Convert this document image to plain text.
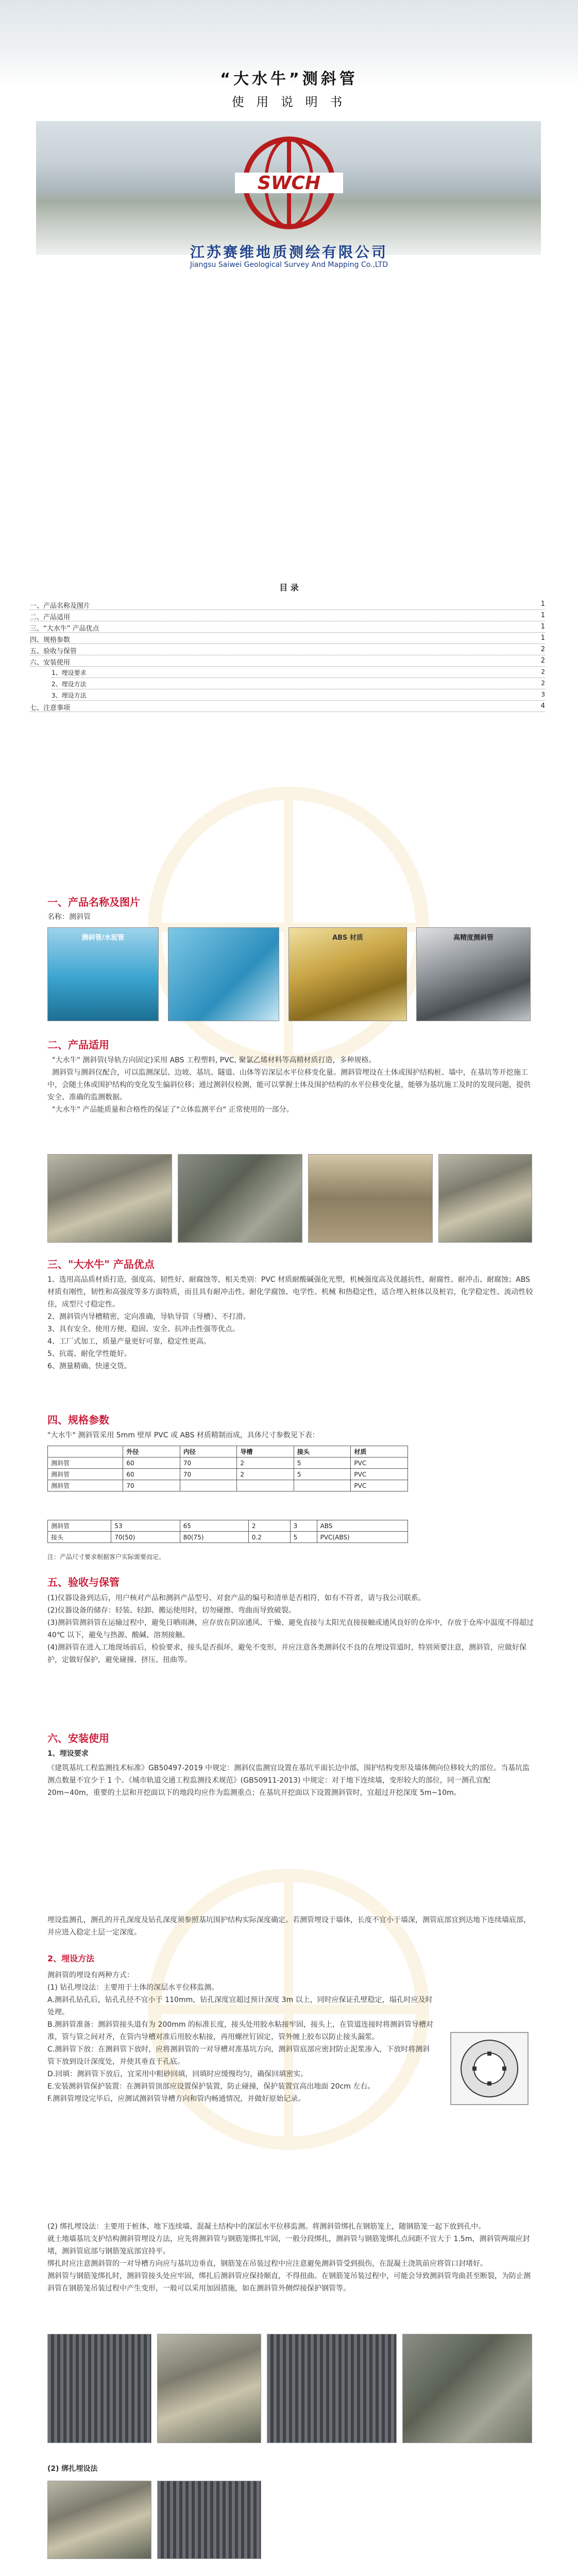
“大水牛”测斜管
使 用 说 明 书
SWCH
江苏赛维地质测绘有限公司
Jiangsu Saiwei Geological Survey And Mapping Co.,LTD
目 录
一、产品名称及图片	1
二、产品适用	1
三、“大水牛” 产品优点	1
四、规格参数	1
五、验收与保管	2
六、安装使用	2
1、埋设要求	2
2、埋设方法	2
3、埋设方法	3
七、注意事项	4
一、产品名称及图片
名称：测斜管
测斜管/水泥管	ABS 材质	高精度测斜管
二、产品适用
"大水牛" 测斜管(导轨方向固定)采用 ABS 工程塑料, PVC, 聚氯乙烯材料等高精材质打造，多种规格。
测斜管与测斜仪配合，可以监测深层、边坡、基坑、隧道、山体等岩深层水平位移变化量。测斜管埋设在土体或围护结构桩、墙中，在基坑等开挖施工中，会随土体或围护结构的变化发生偏斜位移；通过测斜仪检测，能可以掌握土体及围护结构的水平位移变化量，能够为基坑施工及时的发现问题，提供安全、准确的监测数据。
"大水牛" 产品能质量和合格性的保证了"立体监测平台" 正常使用的一部分。
三、"大水牛" 产品优点
1、选用高品质材质打造，强度高、韧性好、耐腐蚀等，相关类别：PVC 材质耐酸碱强化光塑，机械强度高及优越抗性，耐腐性、耐冲击、耐腐蚀；ABS 材质有刚性，韧性和高强度等多方面特质，而且具有耐冲击性、耐化学腐蚀、电学性、机械 和热稳定性，适合埋入桩体以及桩岩，化学稳定性、流动性较佳，成型尺寸稳定性。
2、测斜管内导槽精密，定向准确，导轨导管（导槽）、不打滑。
3、具有安全、使用方便、稳固、安全、抗冲击性强等优点。
4、工厂式加工，质量产量更好可靠，稳定性更高。
5、抗震、耐化学性能好。
6、测量精确、快速交货。
四、规格参数
"大水牛" 测斜管采用 5mm 壁厚 PVC 或 ABS 材质精制而成，具体尺寸参数见下表：
	外径	内径	导槽	接头	材质
测斜管	60	70	2	5	PVC
测斜管	60	70	2	5	PVC
测斜管	70				PVC
测斜管	53	65	2	3	ABS
接头	70(50)	80(75)	0.2	5	PVC(ABS)
注：产品尺寸要求根据客户实际需要而定。
五、验收与保管
(1)仪器设备到达后，用户核对产品和测斜产品型号、对套产品的编号和清单是否相符，如有不符者，请与我公司联系。
(2)仪器设备的储存：轻装、轻卸、搬运使用时，切勿碰擦、弯曲而导致破裂。
(3)测斜管测斜管在运输过程中，避免日晒雨淋，应存放在阴凉通风、干燥、避免直接与太阳光直接接触或通风良好的仓库中，存放于仓库中温度不得超过 40℃ 以下，避免与热源、酸碱、溶剂接触。
(4)测斜管在进入工地现场前后，检验要求，接头是否损坏，避免不变形，并应注意各类测斜仪不良的在埋设管道时，特别须要注意，测斜管，应做好保护，定做好保护，避免碰撞、挤压、扭曲等。
六、安装使用
1、埋设要求
《建筑基坑工程监测技术标准》GB50497-2019 中规定：测斜仪监测宜设置在基坑平面长边中部，围护结构变形及墙体侧向位移较大的部位。当基坑监测点数量不宜少于 1 个。《城市轨道交通工程监测技术规范》(GB50911-2013) 中规定：对于地下连续墙，变形较大的部位，同一测孔宜配 20m~40m，重要的土层和开挖面以下的地段均应作为监测重点；在基坑开挖面以下设置测斜管时，宜超过开挖深度 5m~10m。
埋设监测孔，测孔的开孔深度及钻孔深度须参照基坑围护结构实际深度确定。若测管埋设于墙体，长度不宜小于墙深，测管底部宜到达地下连续墙底部，并应进入稳定土层一定深度。
2、埋设方法
测斜管的埋设有两种方式：
(1) 钻孔埋设法：主要用于土体的深层水平位移监测。
A.测斜孔钻孔后，钻孔孔径不宜小于 110mm，钻孔深度宜超过预计深度 3m 以上，同时应保证孔壁稳定，塌孔时应及时处理。
B.测斜管准备：测斜管接头道有为 200mm 的标准长度，接头处用胶水粘接牢固，接头上，在管道连接时将测斜管导槽对准，管与管之间对齐，在管内导槽对准后用胶水粘接，再用螺丝钉固定，管外缠上胶布以防止接头漏浆。
C.测斜管下放：在测斜管下放时，应将测斜管的一对导槽对准基坑方向，测斜管底部应密封防止泥浆渗入，下放时将测斜管下放到设计深度处，并使其垂直于孔底。
D.回填：测斜管下放后，宜采用中粗砂回填，回填时应缓慢均匀，确保回填密实。
E.安装测斜管保护装置：在测斜管顶部应设置保护装置，防止碰撞，保护装置宜高出地面 20cm 左右。
F.测斜管埋设完毕后，应测试测斜管导槽方向和管内畅通情况，并做好原始记录。
(2) 绑扎埋设法：主要用于桩体、地下连续墙、混凝土结构中的深层水平位移监测。将测斜管绑扎在钢筋笼上，随钢筋笼一起下放到孔中。
就土地墙基坑支护结构测斜管埋设方法，应先将测斜管与钢筋笼绑扎牢固，一般分段绑扎，测斜管与钢筋笼绑扎点间距不宜大于 1.5m，测斜管两端应封堵，测斜管底部与钢筋笼底部宜持平。
绑扎时应注意测斜管的一对导槽方向应与基坑边垂直，钢筋笼在吊装过程中应注意避免测斜管受到损伤，在混凝土浇筑前应将管口封堵好。
测斜管与钢筋笼绑扎时，测斜管接头处应牢固，绑扎后测斜管应保持顺直，不得扭曲。在钢筋笼吊装过程中，可能会导致测斜管弯曲甚至断裂，为防止测斜管在钢筋笼吊装过程中产生变形，一般可以采用加固措施，如在测斜管外侧焊接保护钢管等。
(2) 绑扎埋设法
